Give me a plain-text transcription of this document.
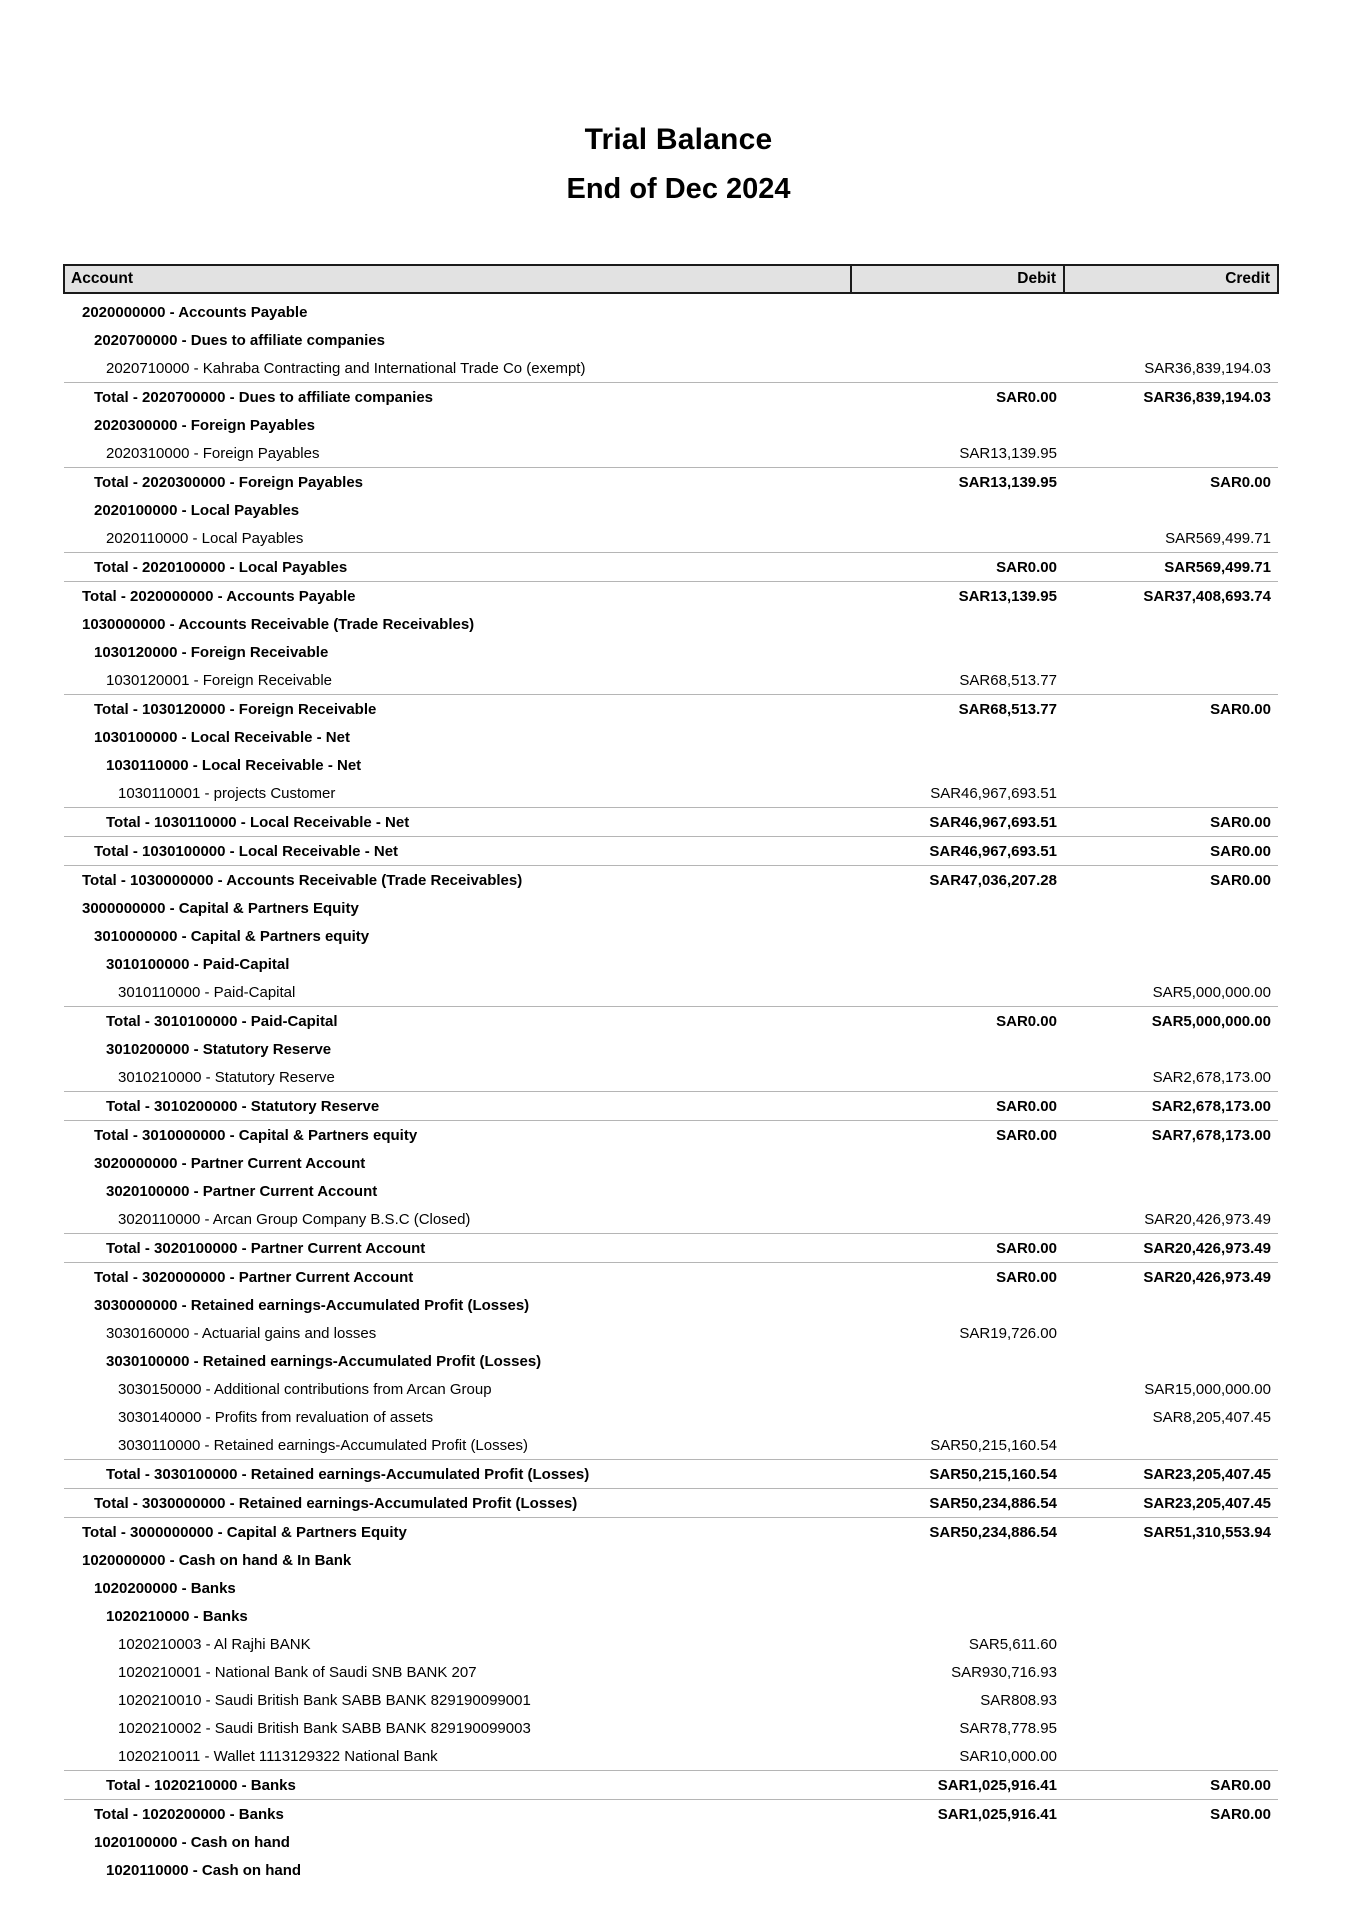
Trial Balance
End of Dec 2024
Account	Debit	Credit
2020000000 - Accounts Payable		
2020700000 - Dues to affiliate companies		
2020710000 - Kahraba Contracting and International Trade Co (exempt)		SAR36,839,194.03
Total - 2020700000 - Dues to affiliate companies	SAR0.00	SAR36,839,194.03
2020300000 - Foreign Payables		
2020310000 - Foreign Payables	SAR13,139.95	
Total - 2020300000 - Foreign Payables	SAR13,139.95	SAR0.00
2020100000 - Local Payables		
2020110000 - Local Payables		SAR569,499.71
Total - 2020100000 - Local Payables	SAR0.00	SAR569,499.71
Total - 2020000000 - Accounts Payable	SAR13,139.95	SAR37,408,693.74
1030000000 - Accounts Receivable (Trade Receivables)		
1030120000 - Foreign Receivable		
1030120001 - Foreign Receivable	SAR68,513.77	
Total - 1030120000 - Foreign Receivable	SAR68,513.77	SAR0.00
1030100000 - Local Receivable - Net		
1030110000 - Local Receivable - Net		
1030110001 - projects Customer	SAR46,967,693.51	
Total - 1030110000 - Local Receivable - Net	SAR46,967,693.51	SAR0.00
Total - 1030100000 - Local Receivable - Net	SAR46,967,693.51	SAR0.00
Total - 1030000000 - Accounts Receivable (Trade Receivables)	SAR47,036,207.28	SAR0.00
3000000000 - Capital & Partners Equity		
3010000000 - Capital & Partners equity		
3010100000 - Paid-Capital		
3010110000 - Paid-Capital		SAR5,000,000.00
Total - 3010100000 - Paid-Capital	SAR0.00	SAR5,000,000.00
3010200000 - Statutory Reserve		
3010210000 - Statutory Reserve		SAR2,678,173.00
Total - 3010200000 - Statutory Reserve	SAR0.00	SAR2,678,173.00
Total - 3010000000 - Capital & Partners equity	SAR0.00	SAR7,678,173.00
3020000000 - Partner Current Account		
3020100000 - Partner Current Account		
3020110000 - Arcan Group Company B.S.C (Closed)		SAR20,426,973.49
Total - 3020100000 - Partner Current Account	SAR0.00	SAR20,426,973.49
Total - 3020000000 - Partner Current Account	SAR0.00	SAR20,426,973.49
3030000000 - Retained earnings-Accumulated Profit (Losses)		
3030160000 - Actuarial gains and losses	SAR19,726.00	
3030100000 - Retained earnings-Accumulated Profit (Losses)		
3030150000 - Additional contributions from Arcan Group		SAR15,000,000.00
3030140000 - Profits from revaluation of assets		SAR8,205,407.45
3030110000 - Retained earnings-Accumulated Profit (Losses)	SAR50,215,160.54	
Total - 3030100000 - Retained earnings-Accumulated Profit (Losses)	SAR50,215,160.54	SAR23,205,407.45
Total - 3030000000 - Retained earnings-Accumulated Profit (Losses)	SAR50,234,886.54	SAR23,205,407.45
Total - 3000000000 - Capital & Partners Equity	SAR50,234,886.54	SAR51,310,553.94
1020000000 - Cash on hand & In Bank		
1020200000 - Banks		
1020210000 - Banks		
1020210003 - Al Rajhi BANK	SAR5,611.60	
1020210001 - National Bank of Saudi SNB BANK 207	SAR930,716.93	
1020210010 - Saudi British Bank SABB BANK 829190099001	SAR808.93	
1020210002 - Saudi British Bank SABB BANK 829190099003	SAR78,778.95	
1020210011 - Wallet 1113129322 National Bank	SAR10,000.00	
Total - 1020210000 - Banks	SAR1,025,916.41	SAR0.00
Total - 1020200000 - Banks	SAR1,025,916.41	SAR0.00
1020100000 - Cash on hand		
1020110000 - Cash on hand		
